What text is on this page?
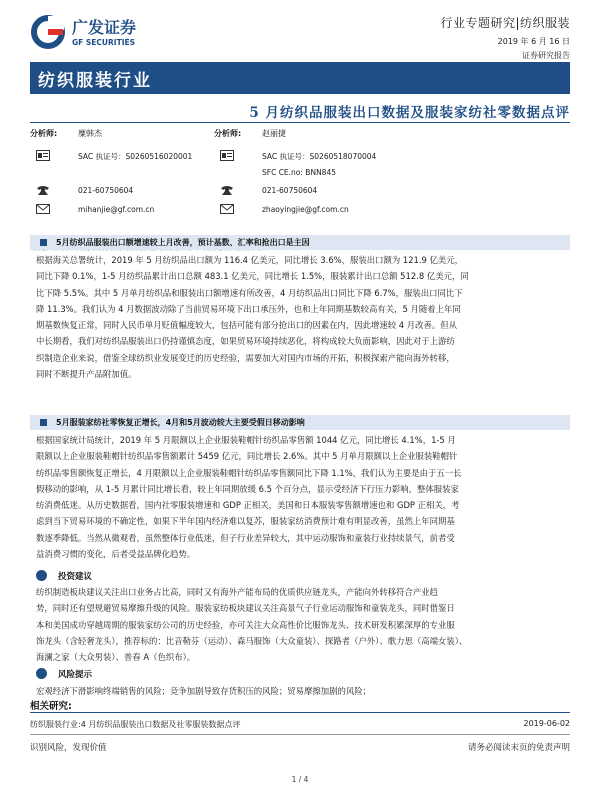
广发证券
GF SECURITIES
行业专题研究|纺织服装
2019 年 6 月 16 日
证券研究报告
纺织服装行业
5 月纺织品服装出口数据及服装家纺社零数据点评
分析师:	糜韩杰
SAC 执证号：S0260516020001
021-60750604
mihanjie@gf.com.cn
分析师:	赵丽捷
SAC 执证号：S0260518070004
SFC CE.no: BNN845
021-60750604
zhaoyingjie@gf.com.cn
5月纺织品服装出口额增速较上月改善，预计基数、汇率和抢出口是主因
根据海关总署统计，2019 年 5 月纺织品出口额为 116.4 亿美元，同比增长 3.6%，服装出口额为 121.9 亿美元，
同比下降 0.1%，1-5 月纺织品累计出口总额 483.1 亿美元，同比增长 1.5%，服装累计出口总额 512.8 亿美元，同
比下降 5.5%。其中 5 月单月纺织品和服装出口额增速有所改善，4 月纺织品出口同比下降 6.7%，服装出口同比下
降 11.3%。我们认为 4 月数据波动除了当前贸易环境下出口承压外，也和上年同期基数较高有关，5 月随着上年同
期基数恢复正常，同时人民币单月贬值幅度较大，包括可能有部分抢出口的因素在内，因此增速较 4 月改善。但从
中长期看，我们对纺织品服装出口仍持谨慎态度，如果贸易环境持续恶化，将构成较大负面影响，因此对于上游纺
织制造企业来说，借鉴全球纺织业发展变迁的历史经验，需要加大对国内市场的开拓，积极探索产能向海外转移，
同时不断提升产品附加值。
5月服装家纺社零恢复正增长，4月和5月波动较大主要受假日移动影响
根据国家统计局统计，2019 年 5 月限额以上企业服装鞋帽针纺织品零售额 1044 亿元，同比增长 4.1%，1-5 月
限额以上企业服装鞋帽针纺织品零售额累计 5459 亿元，同比增长 2.6%。其中 5 月单月限额以上企业服装鞋帽针
纺织品零售额恢复正增长，4 月限额以上企业服装鞋帽针纺织品零售额同比下降 1.1%，我们认为主要是由于五一长
假移动的影响，从 1-5 月累计同比增长看，较上年同期放缓 6.5 个百分点，显示受经济下行压力影响，整体服装家
纺消费低迷。从历史数据看，国内社零服装增速和 GDP 正相关，美国和日本服装零售额增速也和 GDP 正相关，考
虑到当下贸易环境的不确定性，如果下半年国内经济难以复苏，服装家纺消费预计难有明显改善，虽然上年同期基
数逐季降低。当然从微观看，虽然整体行业低迷，但子行业差异较大，其中运动服饰和童装行业持续景气，前者受
益消费习惯的变化，后者受益品牌化趋势。
投资建议
纺织制造板块建议关注出口业务占比高，同时又有海外产能布局的优质供应链龙头，产能向外转移符合产业趋
势，同时还有望规避贸易摩擦升级的风险。服装家纺板块建议关注高景气子行业运动服饰和童装龙头，同时借鉴日
本和美国成功穿越周期的服装家纺公司的历史经验，亦可关注大众高性价比服饰龙头、技术研发积累深厚的专业服
饰龙头（含轻奢龙头），推荐标的：比音勒芬（运动）、森马服饰（大众童装）、探路者（户外）、歌力思（高端女装）、
海澜之家（大众男装）、普春 A（色织布）。
风险提示
宏观经济下滑影响终端销售的风险；竞争加剧导致存货积压的风险；贸易摩擦加剧的风险；
相关研究:
纺织服装行业:4 月纺织品服装出口数据及社零服装数据点评	2019-06-02
识别风险，发现价值	请务必阅读末页的免责声明
1 / 4
